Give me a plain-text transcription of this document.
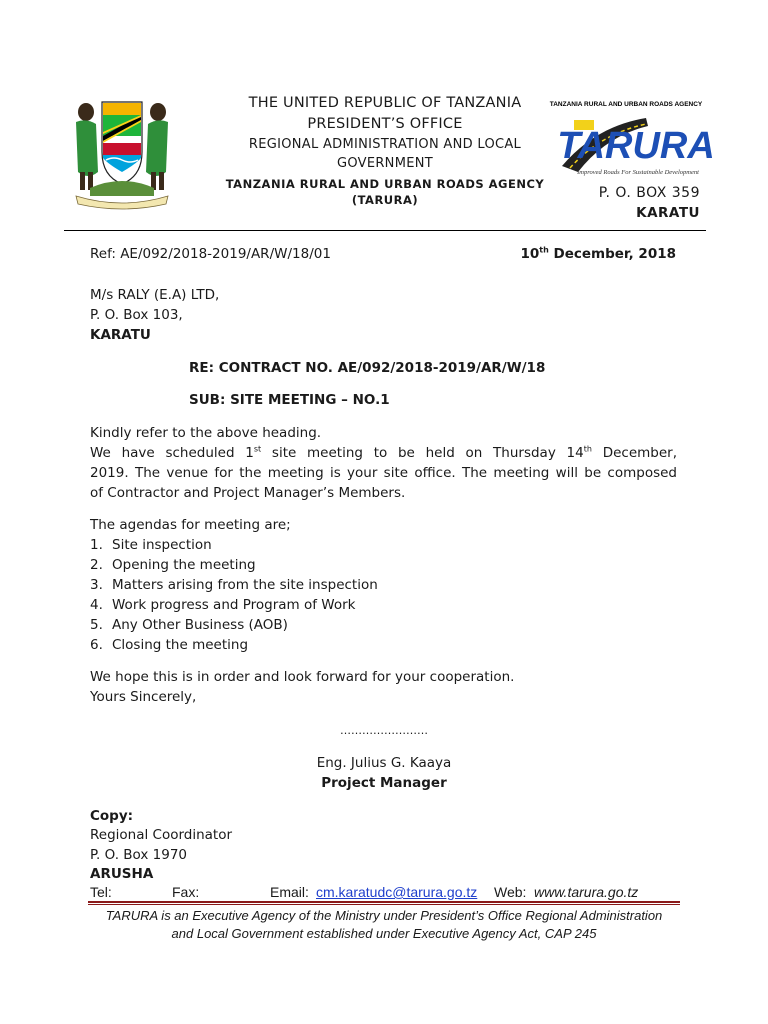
THE UNITED REPUBLIC OF TANZANIA
PRESIDENT’S OFFICE
REGIONAL ADMINISTRATION AND LOCAL
GOVERNMENT
TANZANIA RURAL AND URBAN ROADS AGENCY
(TARURA)
TANZANIA RURAL AND URBAN ROADS AGENCY
TARURA
Improved Roads For Sustainable Development
P. O. BOX 359
KARATU
Ref: AE/092/2018-2019/AR/W/18/01	10th December, 2018
M/s RALY (E.A) LTD,
P. O. Box 103,
KARATU
RE: CONTRACT NO. AE/092/2018-2019/AR/W/18
SUB: SITE MEETING – NO.1
Kindly refer to the above heading.
We have scheduled 1st site meeting to be held on Thursday 14th December,
2019. The venue for the meeting is your site office. The meeting will be composed
of Contractor and Project Manager’s Members.
The agendas for meeting are;
1. Site inspection
2. Opening the meeting
3. Matters arising from the site inspection
4. Work progress and Program of Work
5. Any Other Business (AOB)
6. Closing the meeting
We hope this is in order and look forward for your cooperation.
Yours Sincerely,
……………………
Eng. Julius G. Kaaya
Project Manager
Copy:
Regional Coordinator
P. O. Box 1970
ARUSHA
Tel:	Fax:	Email: cm.karatudc@tarura.go.tz Web: www.tarura.go.tz
TARURA is an Executive Agency of the Ministry under President’s Office Regional Administration
and Local Government established under Executive Agency Act, CAP 245
